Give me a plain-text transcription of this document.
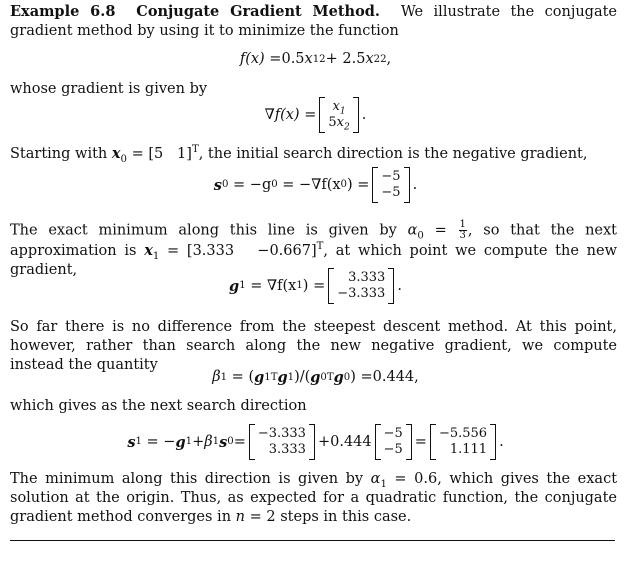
Example 6.8 Conjugate Gradient Method. We illustrate the conjugate gradient method by using it to minimize the function

f(x) = 0.5 x 1 2 + 2.5 x 2 2 ,

whose gradient is given by

$\nabla f(x) = x_1$
$5x_2$
.

Starting with $x_0 = [5$   1]$^T$, the initial search direction is the negative gradient,

s 0
= −g 0
= −∇f(x 0 ) = −5
−5 .

The exact minimum along this line is given by $\alpha_0 = \frac{1}{3}$ , so that the next approximation is $x_1 = [3.333 -0.667]^T$, at which point we compute the new gradient,

g 1
= ∇f(x 1 ) = 3.333
−3.333 .

So far there is no difference from the steepest descent method. At this point, however, rather than search along the new negative gradient, we compute instead the quantity

β 1 = ( g 1 T g 1 )/( g 0 T g 0 ) = 0.444 ,

which gives as the next search direction

s 1 = − g 1 + β 1 s 0 = −3.333
3.333 + 0.444 −5
−5 = −5.556
1.111 .

The minimum along this direction is given by $\alpha_1 = 0.6$, which gives the exact solution at the origin. Thus, as expected for a quadratic function, the conjugate gradient method converges in n = 2 steps in this case.
